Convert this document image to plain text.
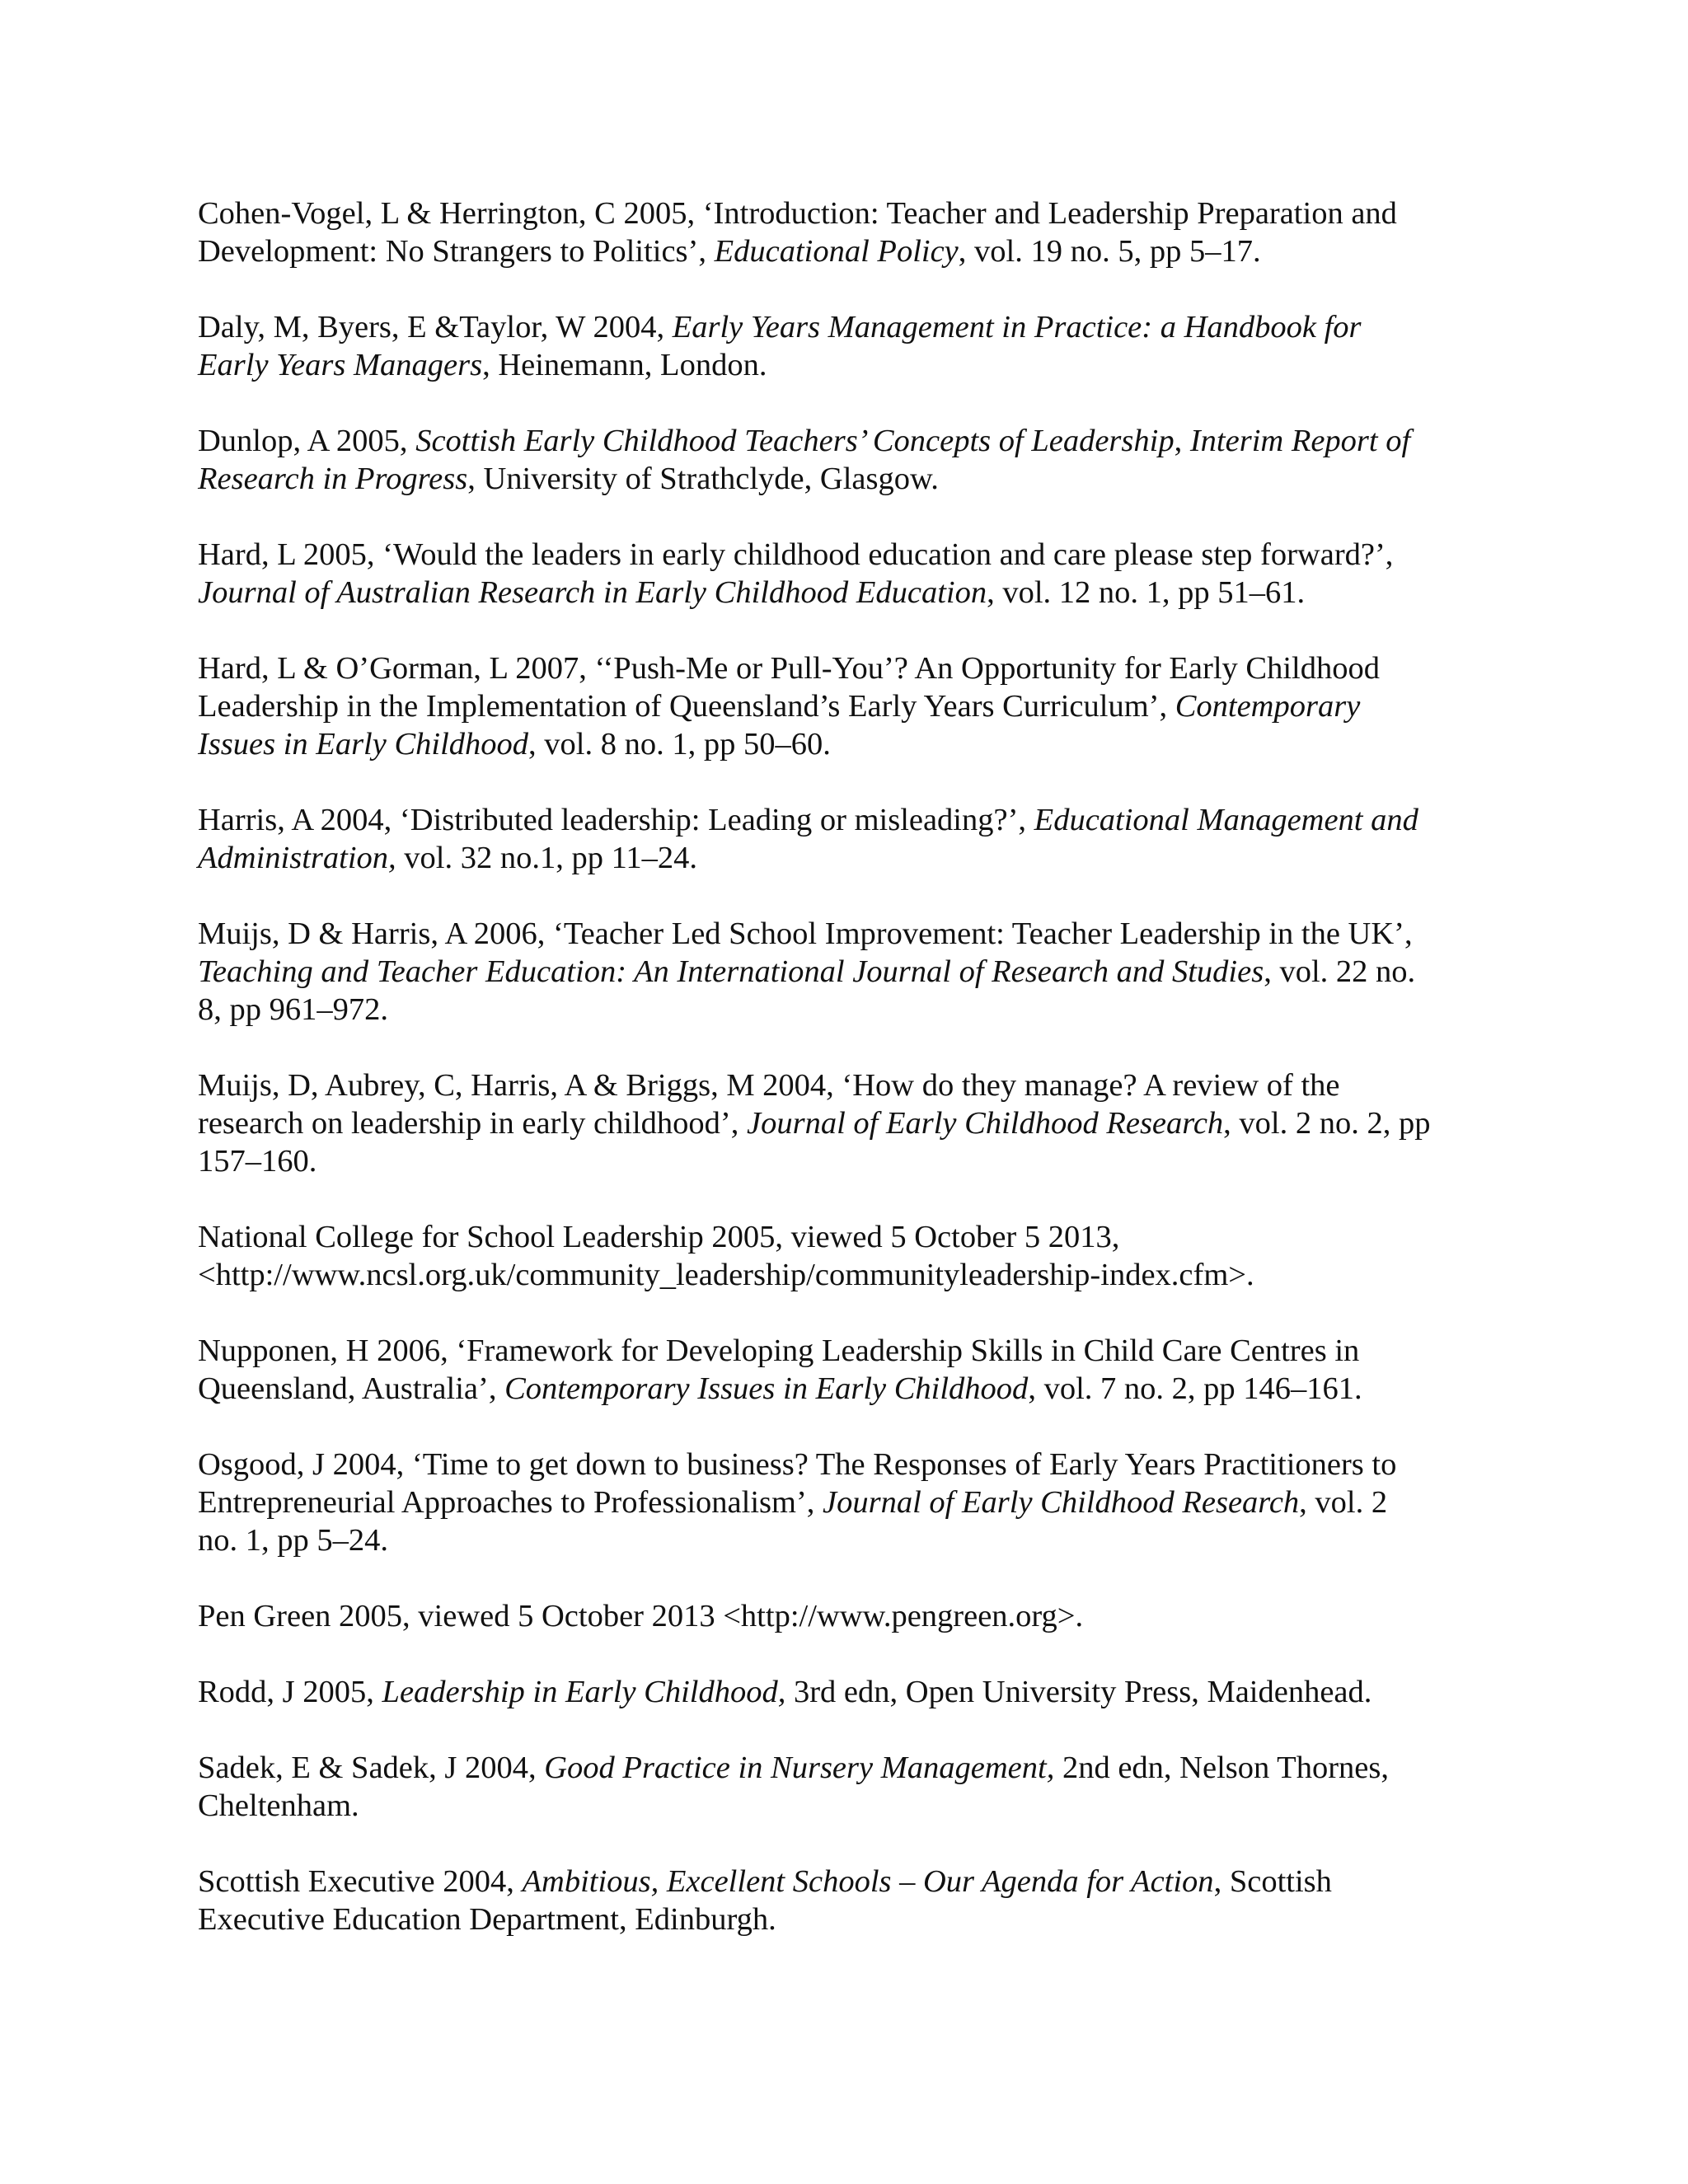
Cohen-Vogel, L & Herrington, C 2005, ‘Introduction: Teacher and Leadership Preparation and
Development: No Strangers to Politics’, Educational Policy, vol. 19 no. 5, pp 5–17.
Daly, M, Byers, E &Taylor, W 2004, Early Years Management in Practice: a Handbook for
Early Years Managers, Heinemann, London.
Dunlop, A 2005, Scottish Early Childhood Teachers’ Concepts of Leadership, Interim Report of
Research in Progress, University of Strathclyde, Glasgow.
Hard, L 2005, ‘Would the leaders in early childhood education and care please step forward?’,
Journal of Australian Research in Early Childhood Education, vol. 12 no. 1, pp 51–61.
Hard, L & O’Gorman, L 2007, ‘‘Push-Me or Pull-You’? An Opportunity for Early Childhood
Leadership in the Implementation of Queensland’s Early Years Curriculum’, Contemporary
Issues in Early Childhood, vol. 8 no. 1, pp 50–60.
Harris, A 2004, ‘Distributed leadership: Leading or misleading?’, Educational Management and
Administration, vol. 32 no.1, pp 11–24.
Muijs, D & Harris, A 2006, ‘Teacher Led School Improvement: Teacher Leadership in the UK’,
Teaching and Teacher Education: An International Journal of Research and Studies, vol. 22 no.
8, pp 961–972.
Muijs, D, Aubrey, C, Harris, A & Briggs, M 2004, ‘How do they manage? A review of the
research on leadership in early childhood’, Journal of Early Childhood Research, vol. 2 no. 2, pp
157–160.
National College for School Leadership 2005, viewed 5 October 5 2013,
<http://www.ncsl.org.uk/community_leadership/communityleadership-index.cfm>.
Nupponen, H 2006, ‘Framework for Developing Leadership Skills in Child Care Centres in
Queensland, Australia’, Contemporary Issues in Early Childhood, vol. 7 no. 2, pp 146–161.
Osgood, J 2004, ‘Time to get down to business? The Responses of Early Years Practitioners to
Entrepreneurial Approaches to Professionalism’, Journal of Early Childhood Research, vol. 2
no. 1, pp 5–24.
Pen Green 2005, viewed 5 October 2013 <http://www.pengreen.org>.
Rodd, J 2005, Leadership in Early Childhood, 3rd edn, Open University Press, Maidenhead.
Sadek, E & Sadek, J 2004, Good Practice in Nursery Management, 2nd edn, Nelson Thornes,
Cheltenham.
Scottish Executive 2004, Ambitious, Excellent Schools – Our Agenda for Action, Scottish
Executive Education Department, Edinburgh.
